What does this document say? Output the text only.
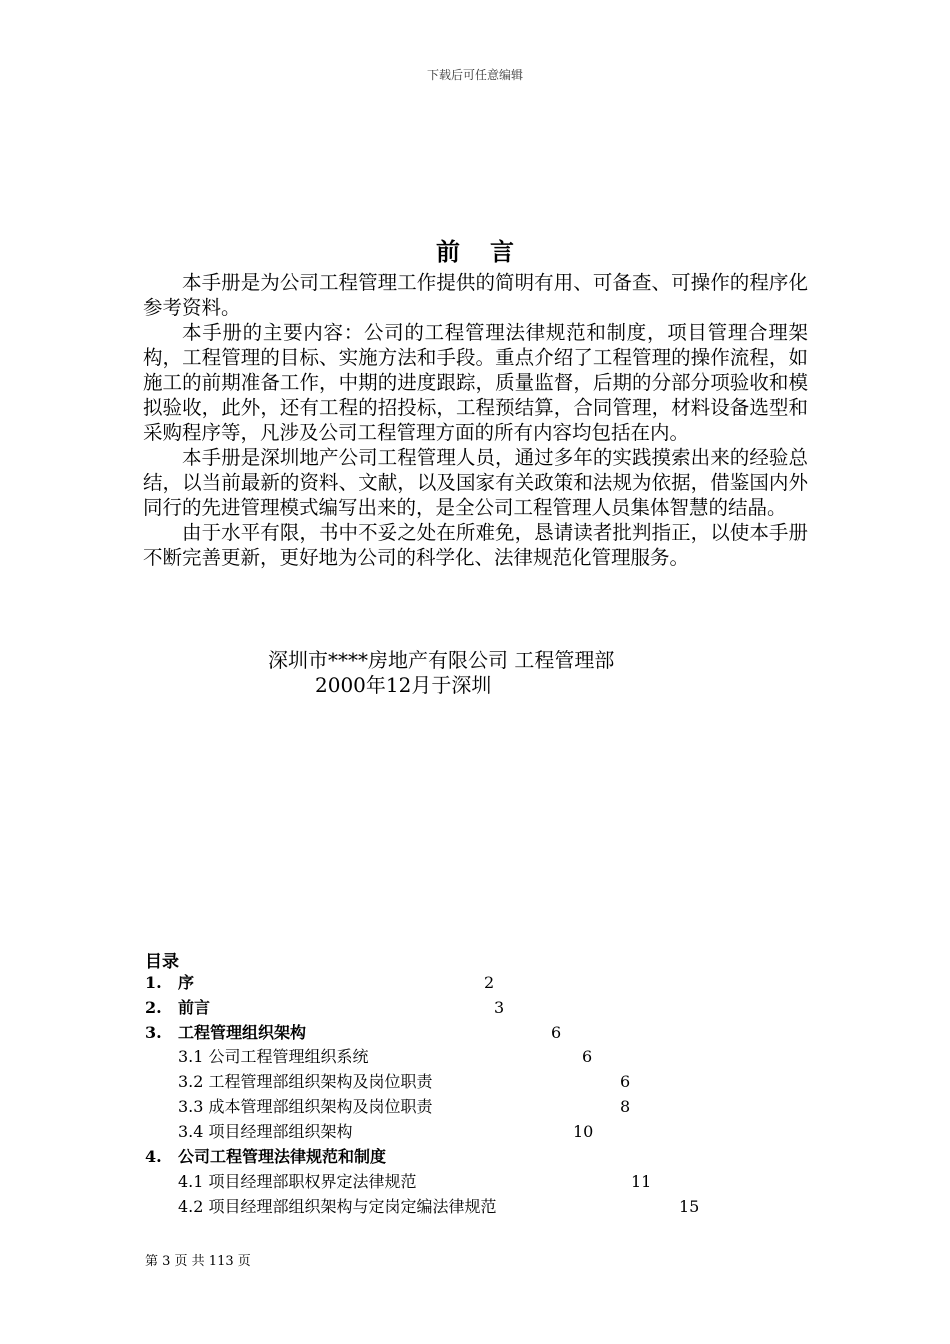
下载后可任意编辑
前言

本手册是为公司工程管理工作提供的简明有用、可备查、可操作的程序化参考资料。

本手册的主要内容：公司的工程管理法律规范和制度，项目管理合理架构，工程管理的目标、实施方法和手段。重点介绍了工程管理的操作流程，如施工的前期准备工作，中期的进度跟踪，质量监督，后期的分部分项验收和模拟验收，此外，还有工程的招投标，工程预结算，合同管理，材料设备选型和采购程序等，凡涉及公司工程管理方面的所有内容均包括在内。

本手册是深圳地产公司工程管理人员，通过多年的实践摸索出来的经验总结，以当前最新的资料、文献，以及国家有关政策和法规为依据，借鉴国内外同行的先进管理模式编写出来的，是全公司工程管理人员集体智慧的结晶。

由于水平有限，书中不妥之处在所难免，恳请读者批判指正，以使本手册不断完善更新，更好地为公司的科学化、法律规范化管理服务。

深圳市****房地产有限公司 工程管理部
2000年12月于深圳
目录
1. 序	2
2. 前言	3
3. 工程管理组织架构	6
3.1 公司工程管理组织系统	6
3.2 工程管理部组织架构及岗位职责	6
3.3 成本管理部组织架构及岗位职责	8
3.4 项目经理部组织架构	10
4. 公司工程管理法律规范和制度
4.1 项目经理部职权界定法律规范	11
4.2 项目经理部组织架构与定岗定编法律规范	15
第 3 页 共 113 页
